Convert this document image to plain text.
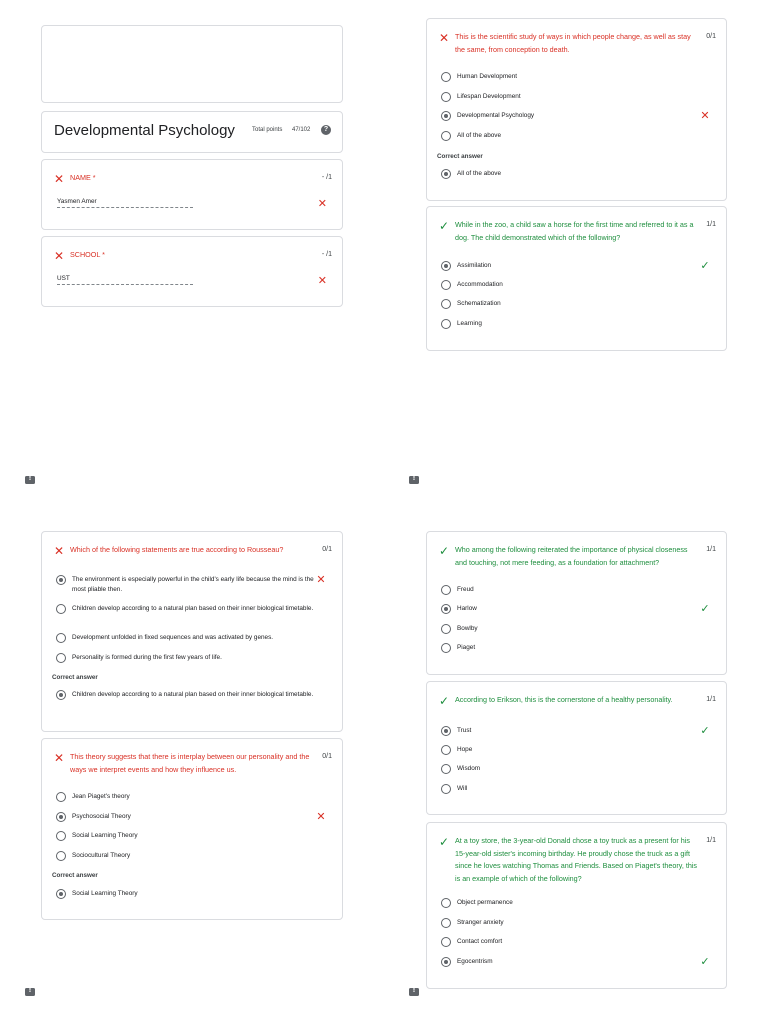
Developmental Psychology	Total points 47/102	?
✕ NAME *	- /1
Yasmen Amer	✕
✕ SCHOOL *	- /1
UST	✕
✕ This is the scientific study of ways in which people change, as well as stay the same, from conception to death.
0/1
Human Development
Lifespan Development
Developmental Psychology	✕
All of the above
Correct answer
All of the above
✓ While in the zoo, a child saw a horse for the first time and referred to it as a dog. The child demonstrated which of the following?
1/1
Assimilation	✓
Accommodation
Schematization
Learning
!
!
✕ Which of the following statements are true according to Rousseau?	0/1
The environment is especially powerful in the child's early life because the mind is the most pliable then.
✕
Children develop according to a natural plan based on their inner biological timetable.
Development unfolded in fixed sequences and was activated by genes.
Personality is formed during the first few years of life.
Correct answer
Children develop according to a natural plan based on their inner biological timetable.
✕ This theory suggests that there is interplay between our personality and the ways we interpret events and how they influence us.
0/1
Jean Piaget's theory
Psychosocial Theory	✕
Social Learning Theory
Sociocultural Theory
Correct answer
Social Learning Theory
✓ Who among the following reiterated the importance of physical closeness and touching, not mere feeding, as a foundation for attachment?
1/1
Freud
Harlow	✓
Bowlby
Piaget
✓ According to Erikson, this is the cornerstone of a healthy personality.	1/1
Trust	✓
Hope
Wisdom
Will
✓ At a toy store, the 3-year-old Donald chose a toy truck as a present for his 15-year-old sister's incoming birthday. He proudly chose the truck as a gift since he loves watching Thomas and Friends. Based on Piaget's theory, this is an example of which of the following?
1/1
Object permanence
Stranger anxiety
Contact comfort
Egocentrism	✓
!
!
